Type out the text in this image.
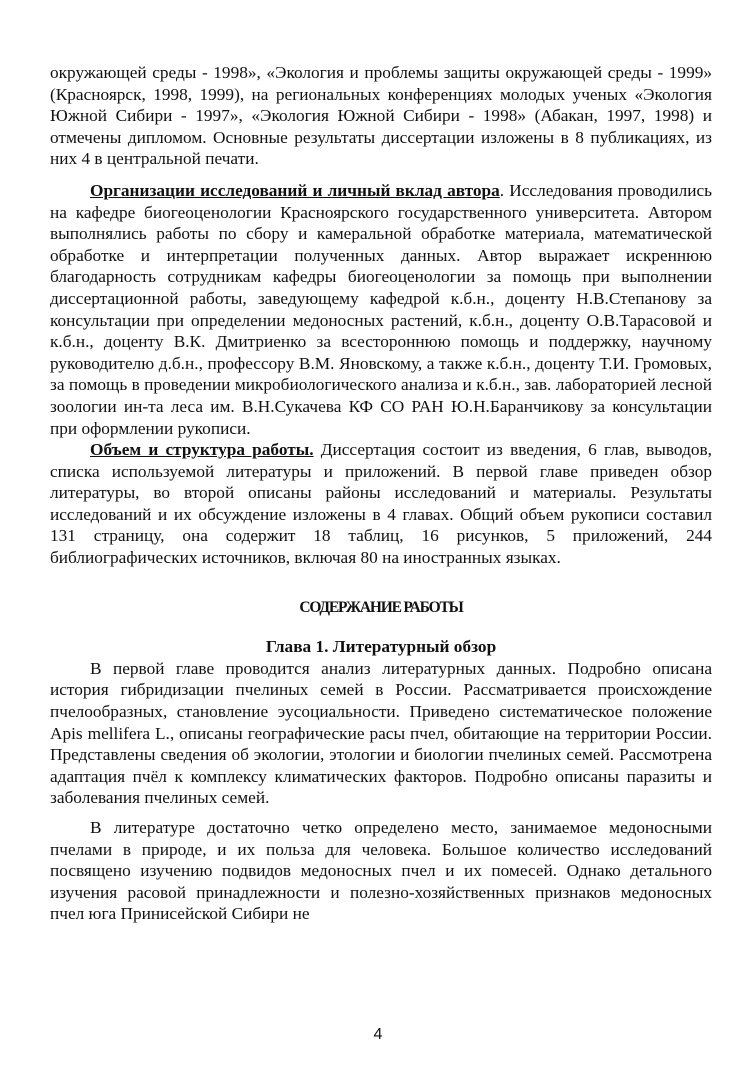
окружающей среды - 1998», «Экология и проблемы защиты окружающей среды - 1999» (Красноярск, 1998, 1999), на региональных конференциях молодых ученых «Экология Южной Сибири - 1997», «Экология Южной Сибири - 1998» (Абакан, 1997, 1998) и отмечены дипломом. Основные результаты диссертации изложены в 8 публикациях, из них 4 в центральной печати.

Организации исследований и личный вклад автора. Исследования проводились на кафедре биогеоценологии Красноярского государственного университета. Автором выполнялись работы по сбору и камеральной обработке материала, математической обработке и интерпретации полученных данных. Автор выражает искреннюю благодарность сотрудникам кафедры биогеоценологии за помощь при выполнении диссертационной работы, заведующему кафедрой к.б.н., доценту Н.В.Степанову за консультации при определении медоносных растений, к.б.н., доценту О.В.Тарасовой и к.б.н., доценту В.К. Дмитриенко за всестороннюю помощь и поддержку, научному руководителю д.б.н., профессору В.М. Яновскому, а также к.б.н., доценту Т.И. Громовых, за помощь в проведении микробиологического анализа и к.б.н., зав. лабораторией лесной зоологии ин-та леса им. В.Н.Сукачева КФ СО РАН Ю.Н.Баранчикову за консультации при оформлении рукописи.

Объем и структура работы. Диссертация состоит из введения, 6 глав, выводов, списка используемой литературы и приложений. В первой главе приведен обзор литературы, во второй описаны районы исследований и материалы. Результаты исследований и их обсуждение изложены в 4 главах. Общий объем рукописи составил 131 страницу, она содержит 18 таблиц, 16 рисунков, 5 приложений, 244 библиографических источников, включая 80 на иностранных языках.

СОДЕРЖАНИЕ РАБОТЫ

Глава 1. Литературный обзор

В первой главе проводится анализ литературных данных. Подробно описана история гибридизации пчелиных семей в России. Рассматривается происхождение пчелообразных, становление эусоциальности. Приведено систематическое положение Apis mellifera L., описаны географические расы пчел, обитающие на территории России. Представлены сведения об экологии, этологии и биологии пчелиных семей. Рассмотрена адаптация пчёл к комплексу климатических факторов. Подробно описаны паразиты и заболевания пчелиных семей.

В литературе достаточно четко определено место, занимаемое медоносными пчелами в природе, и их польза для человека. Большое количество исследований посвящено изучению подвидов медоносных пчел и их помесей. Однако детального изучения расовой принадлежности и полезно-хозяйственных признаков медоносных пчел юга Принисейской Сибири не

4
